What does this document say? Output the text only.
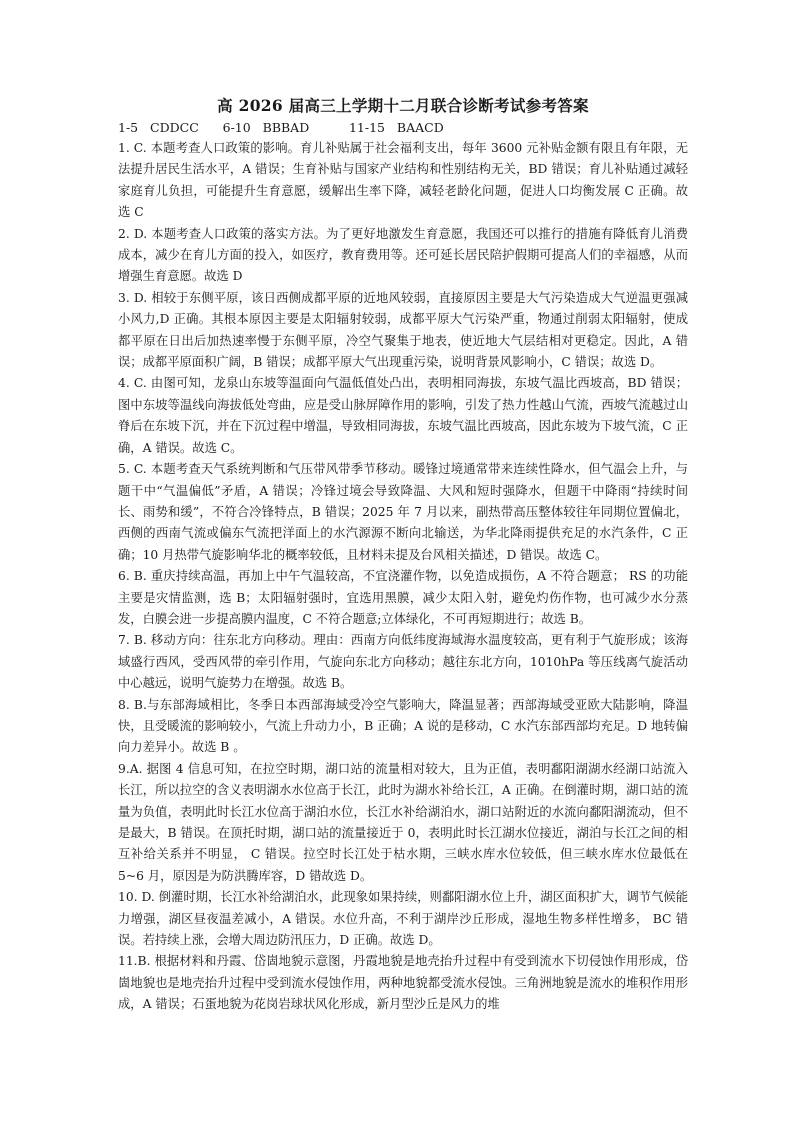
高 2026 届高三上学期十二月联合诊断考试参考答案

1-5   CDDCC      6-10   BBBAD          11-15   BAACD

1. C. 本题考查人口政策的影响。育儿补贴属于社会福利支出，每年 3600 元补贴金额有限且有年限，无法提升居民生活水平，A 错误；生育补贴与国家产业结构和性别结构无关，BD 错误；育儿补贴通过减轻家庭育儿负担，可能提升生育意愿，缓解出生率下降，减轻老龄化问题，促进人口均衡发展 C 正确。故选 C

2. D. 本题考查人口政策的落实方法。为了更好地激发生育意愿，我国还可以推行的措施有降低育儿消费成本，减少在育儿方面的投入，如医疗，教育费用等。还可延长居民陪护假期可提高人们的幸福感，从而增强生育意愿。故选 D

3. D. 相较于东侧平原，该日西侧成都平原的近地风较弱，直接原因主要是大气污染造成大气逆温更强减小风力,D 正确。其根本原因主要是太阳辐射较弱，成都平原大气污染严重，物通过削弱太阳辐射，使成都平原在日出后加热速率慢于东侧平原，冷空气聚集于地表，使近地大气层结相对更稳定。因此，A 错误；成都平原面积广阔，B 错误；成都平原大气出现重污染，说明背景风影响小，C 错误；故选 D。

4. C. 由图可知，龙泉山东坡等温面向气温低值处凸出，表明相同海拔，东坡气温比西坡高，BD 错误；图中东坡等温线向海拔低处弯曲，应是受山脉屏障作用的影响，引发了热力性越山气流，西坡气流越过山脊后在东坡下沉，并在下沉过程中增温，导致相同海拔，东坡气温比西坡高，因此东坡为下坡气流，C 正确，A 错误。故选 C。

5. C. 本题考查天气系统判断和气压带风带季节移动。暖锋过境通常带来连续性降水，但气温会上升，与题干中“气温偏低”矛盾，A 错误；冷锋过境会导致降温、大风和短时强降水，但题干中降雨“持续时间长、雨势和缓”，不符合冷锋特点，B 错误；2025 年 7 月以来，副热带高压整体较往年同期位置偏北，西侧的西南气流或偏东气流把洋面上的水汽源源不断向北输送，为华北降雨提供充足的水汽条件，C 正确；10 月热带气旋影响华北的概率较低，且材料未提及台风相关描述，D 错误。故选 C。

6. B. 重庆持续高温，再加上中午气温较高，不宜浇灌作物，以免造成损伤，A 不符合题意； RS 的功能主要是灾情监测，选 B；太阳辐射强时，宜选用黑膜，减少太阳入射，避免灼伤作物，也可减少水分蒸发，白膜会进一步提高膜内温度，C 不符合题意;立体绿化，不可再短期进行；故选 B。

7. B. 移动方向：往东北方向移动。理由：西南方向低纬度海域海水温度较高，更有利于气旋形成；该海域盛行西风，受西风带的牵引作用，气旋向东北方向移动；越往东北方向，1010hPa 等压线离气旋活动中心越远，说明气旋势力在增强。故选 B。

8. B.与东部海域相比，冬季日本西部海域受冷空气影响大，降温显著；西部海域受亚欧大陆影响，降温快，且受暖流的影响较小，气流上升动力小，B 正确；A 说的是移动，C 水汽东部西部均充足。D 地转偏向力差异小。故选 B 。

9.A. 据图 4 信息可知，在拉空时期，湖口站的流量相对较大，且为正值，表明鄱阳湖湖水经湖口站流入长江，所以拉空的含义表明湖水水位高于长江，此时为湖水补给长江，A 正确。在倒灌时期，湖口站的流量为负值，表明此时长江水位高于湖泊水位，长江水补给湖泊水，湖口站附近的水流向鄱阳湖流动，但不是最大，B 错误。在顶托时期，湖口站的流量接近于 0，表明此时长江湖水位接近，湖泊与长江之间的相互补给关系并不明显， C 错误。拉空时长江处于枯水期，三峡水库水位较低，但三峡水库水位最低在 5~6 月，原因是为防洪腾库容，D 错故选 D。

10. D. 倒灌时期，长江水补给湖泊水，此现象如果持续，则鄱阳湖水位上升，湖区面积扩大，调节气候能力增强，湖区昼夜温差减小，A 错误。水位升高，不利于湖岸沙丘形成，湿地生物多样性增多， BC 错误。若持续上涨，会增大周边防汛压力，D 正确。故选 D。

11.B. 根据材料和丹霞、岱崮地貌示意图，丹霞地貌是地壳抬升过程中有受到流水下切侵蚀作用形成，岱崮地貌也是地壳抬升过程中受到流水侵蚀作用，两种地貌都受流水侵蚀。三角洲地貌是流水的堆积作用形成，A 错误；石蛋地貌为花岗岩球状风化形成，新月型沙丘是风力的堆
